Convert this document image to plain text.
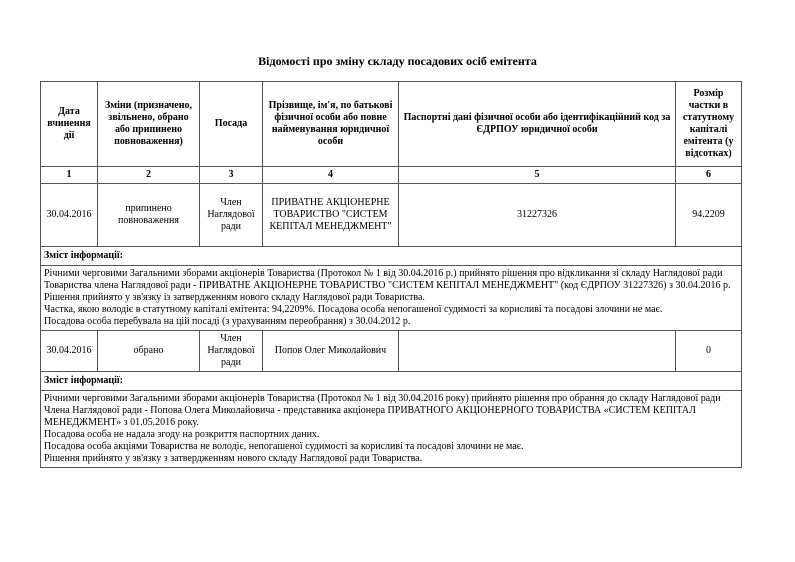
Відомості про зміну складу посадових осіб емітента
Дата вчинення дії	Зміни (призначено, звільнено, обрано або припинено повноваження)	Посада	Прізвище, ім'я, по батькові фізичної особи або повне найменування юридичної особи	Паспортні дані фізичної особи або ідентифікаційний код за ЄДРПОУ юридичної особи	Розмір частки в статутному капіталі емітента (у відсотках)
1	2	3	4	5	6
30.04.2016	припинено повноваження	Член Наглядової ради	ПРИВАТНЕ АКЦІОНЕРНЕ ТОВАРИСТВО "СИСТЕМ КЕПІТАЛ МЕНЕДЖМЕНТ"	31227326	94.2209
Зміст інформації:					

Річними черговими Загальними зборами акціонерів Товариства (Протокол № 1 від 30.04.2016 р.) прийнято рішення про відкликання зі складу Наглядової ради Товариства члена Наглядової ради - ПРИВАТНЕ АКЦІОНЕРНЕ ТОВАРИСТВО "СИСТЕМ КЕПІТАЛ МЕНЕДЖМЕНТ" (код ЄДРПОУ 31227326) з 30.04.2016 р. Рішення прийнято у зв'язку із затвердженням нового складу Наглядової ради Товариства.
Частка, якою володіє в статутному капіталі емітента: 94,2209%. Посадова особа непогашеної судимості за корисливі та посадові злочини не має.
Посадова особа перебувала на цій посаді (з урахуванням переобрання) з 30.04.2012 р.					

30.04.2016	обрано	Член Наглядової ради	Попов Олег Миколайович		0
Зміст інформації:					

Річними черговими Загальними зборами акціонерів Товариства (Протокол № 1 від 30.04.2016 року) прийнято рішення про обрання до складу Наглядової ради Члена Наглядової ради - Попова Олега Миколайовича - представника акціонера ПРИВАТНОГО АКЦІОНЕРНОГО ТОВАРИСТВА «СИСТЕМ КЕПІТАЛ МЕНЕДЖМЕНТ» з 01.05.2016 року.
Посадова особа не надала згоду на розкриття паспортних даних.
Посадова особа акціями Товариства не володіє, непогашеної судимості за корисливі та посадові злочини не має.
Рішення прийнято у зв'язку з затвердженням нового складу Наглядової ради Товариства.					
